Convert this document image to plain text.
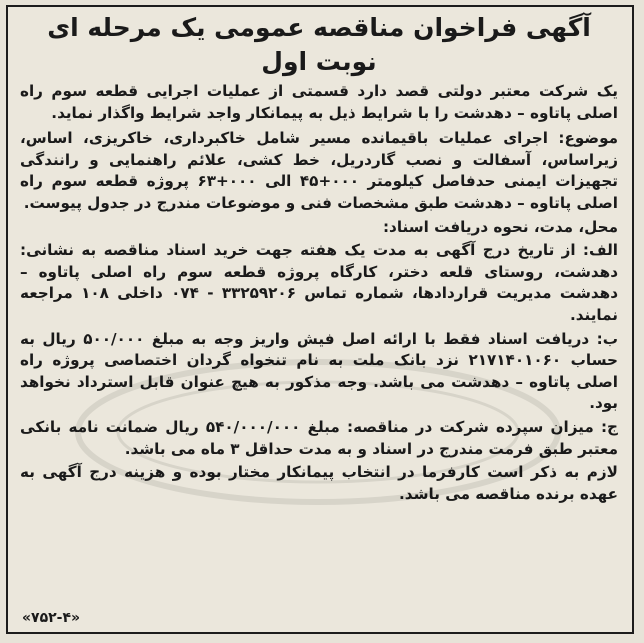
آگهی فراخوان مناقصه عمومی یک مرحله ای نوبت اول

یک شرکت معتبر دولتی قصد دارد قسمتی از عملیات اجرایی قطعه سوم راه اصلی پاتاوه – دهدشت را با شرایط ذیل به پیمانکار واجد شرایط واگذار نماید.

موضوع: اجرای عملیات باقیمانده مسیر شامل خاکبرداری، خاکریزی، اساس، زیراساس، آسفالت و نصب گاردریل، خط کشی، علائم راهنمایی و رانندگی تجهیزات ایمنی حدفاصل کیلومتر ۰۰۰+۴۵ الی ۰۰۰+۶۳ پروژه قطعه سوم راه اصلی پاتاوه – دهدشت طبق مشخصات فنی و موضوعات مندرج در جدول پیوست.

محل، مدت، نحوه دریافت اسناد:

الف: از تاریخ درج آگهی به مدت یک هفته جهت خرید اسناد مناقصه به نشانی: دهدشت، روستای قلعه دختر، کارگاه پروژه قطعه سوم راه اصلی پاتاوه – دهدشت مدیریت قراردادها، شماره تماس ۳۳۲۵۹۲۰۶ - ۰۷۴ داخلی ۱۰۸ مراجعه نمایند.

ب: دریافت اسناد فقط با ارائه اصل فیش واریز وجه به مبلغ ۵۰۰/۰۰۰ ریال به حساب ۲۱۷۱۴۰۱۰۶۰ نزد بانک ملت به نام تنخواه گردان اختصاصی پروژه راه اصلی پاتاوه – دهدشت می باشد. وجه مذکور به هیچ عنوان قابل استرداد نخواهد بود.

ج: میزان سپرده شرکت در مناقصه: مبلغ ۵۴۰/۰۰۰/۰۰۰ ریال ضمانت نامه بانکی معتبر طبق فرمت مندرج در اسناد و به مدت حداقل ۳ ماه می باشد.

لازم به ذکر است کارفرما در انتخاب پیمانکار مختار بوده و هزینه درج آگهی به عهده برنده مناقصه می باشد.

«۷۵۲-۴»
